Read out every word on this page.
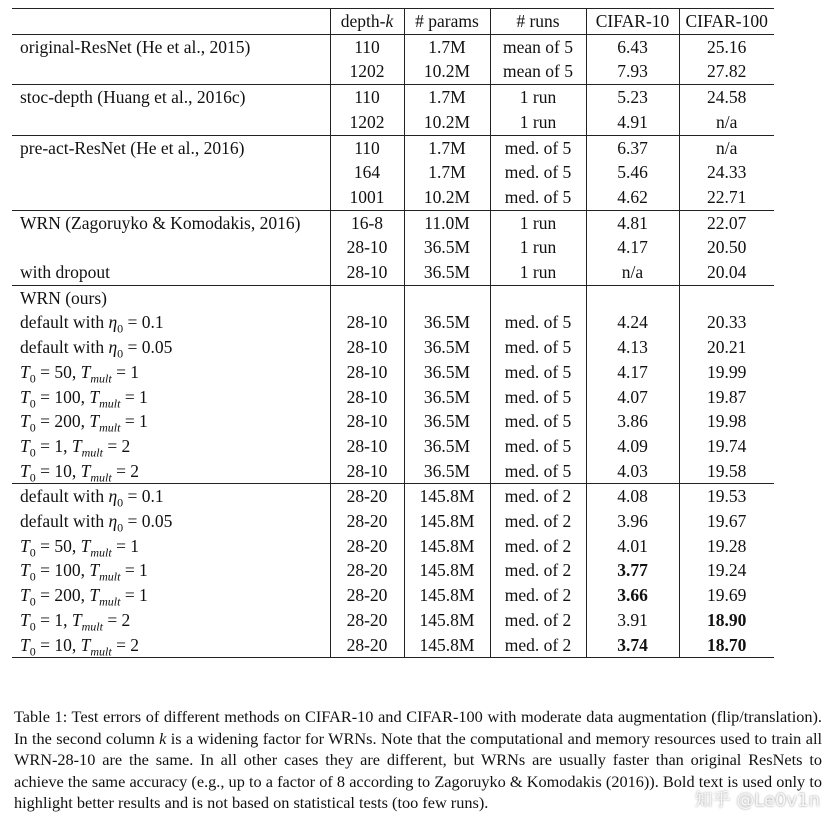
	depth-k	# params	# runs	CIFAR-10	CIFAR-100
original-ResNet (He et al., 2015)	110	1.7M	mean of 5	6.43	25.16
	1202	10.2M	mean of 5	7.93	27.82
stoc-depth (Huang et al., 2016c)	110	1.7M	1 run	5.23	24.58
	1202	10.2M	1 run	4.91	n/a
pre-act-ResNet (He et al., 2016)	110	1.7M	med. of 5	6.37	n/a
	164	1.7M	med. of 5	5.46	24.33
	1001	10.2M	med. of 5	4.62	22.71
WRN (Zagoruyko & Komodakis, 2016)	16-8	11.0M	1 run	4.81	22.07
	28-10	36.5M	1 run	4.17	20.50
with dropout	28-10	36.5M	1 run	n/a	20.04
WRN (ours)					
default with $\eta_0 = 0.1$	28-10	36.5M	med. of 5	4.24	20.33
default with $\eta_0 = 0.05$	28-10	36.5M	med. of 5	4.13	20.21
$T_0 = 50$, $T_{mult} = 1$	28-10	36.5M	med. of 5	4.17	19.99
$T_0 = 100$, $T_{mult} = 1$	28-10	36.5M	med. of 5	4.07	19.87
$T_0 = 200$, $T_{mult} = 1$	28-10	36.5M	med. of 5	3.86	19.98
$T_0 = 1$, $T_{mult} = 2$	28-10	36.5M	med. of 5	4.09	19.74
$T_0 = 10$, $T_{mult} = 2$	28-10	36.5M	med. of 5	4.03	19.58
default with $\eta_0 = 0.1$	28-20	145.8M	med. of 2	4.08	19.53
default with $\eta_0 = 0.05$	28-20	145.8M	med. of 2	3.96	19.67
$T_0 = 50$, $T_{mult} = 1$	28-20	145.8M	med. of 2	4.01	19.28
$T_0 = 100$, $T_{mult} = 1$	28-20	145.8M	med. of 2	3.77	19.24
$T_0 = 200$, $T_{mult} = 1$	28-20	145.8M	med. of 2	3.66	19.69
$T_0 = 1$, $T_{mult} = 2$	28-20	145.8M	med. of 2	3.91	18.90
$T_0 = 10$, $T_{mult} = 2$	28-20	145.8M	med. of 2	3.74	18.70

Table 1: Test errors of different methods on CIFAR-10 and CIFAR-100 with moderate data augmentation (flip/translation). In the second column k is a widening factor for WRNs. Note that the computational and memory resources used to train all WRN-28-10 are the same. In all other cases they are different, but WRNs are usually faster than original ResNets to achieve the same accuracy (e.g., up to a factor of 8 according to Zagoruyko & Komodakis (2016)). Bold text is used only to highlight better results and is not based on statistical tests (too few runs).	知乎 @Le0v1n
